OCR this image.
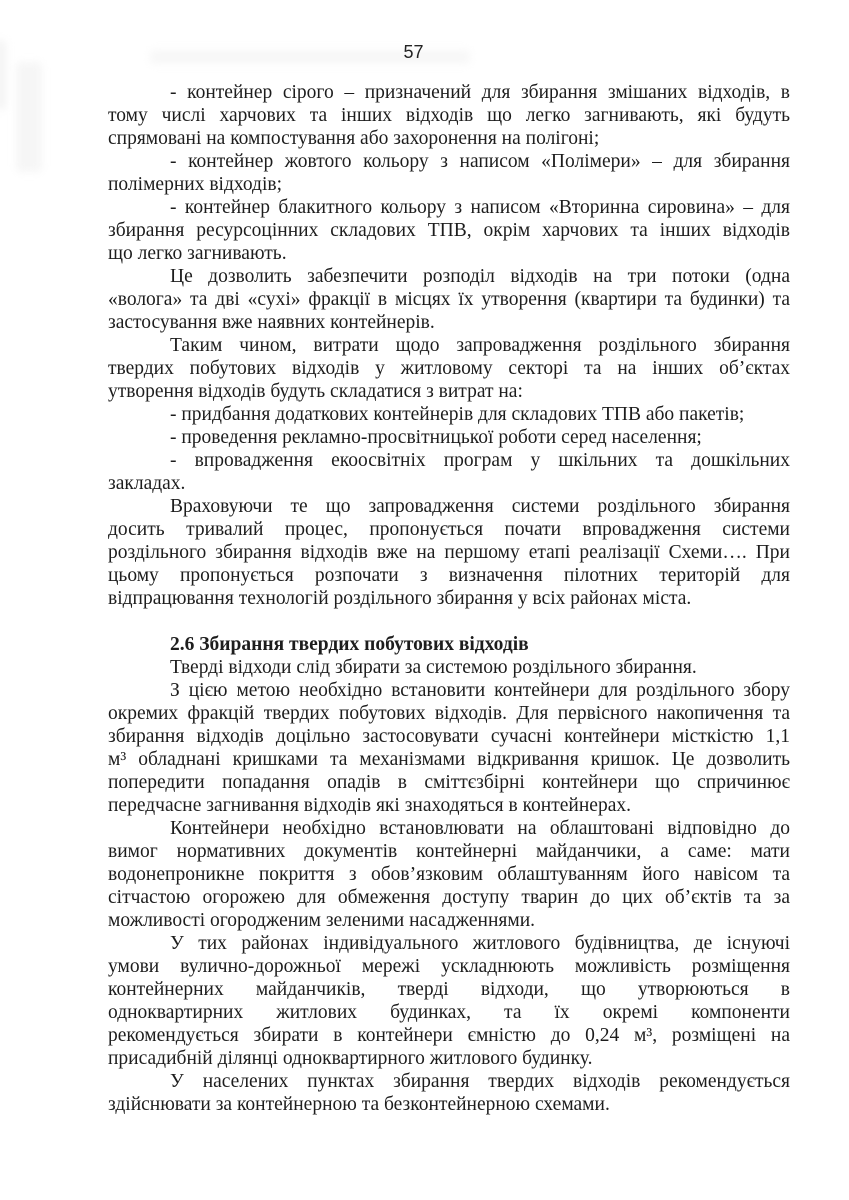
57
- контейнер сірого – призначений для збирання змішаних відходів, в
тому числі харчових та інших відходів що легко загнивають, які будуть
спрямовані на компостування або захоронення на полігоні;
- контейнер жовтого кольору з написом «Полімери» – для збирання
полімерних відходів;
- контейнер блакитного кольору з написом «Вторинна сировина» – для
збирання ресурсоцінних складових ТПВ, окрім харчових та інших відходів
що легко загнивають.
Це дозволить забезпечити розподіл відходів на три потоки (одна
«волога» та дві «сухі» фракції в місцях їх утворення (квартири та будинки) та
застосування вже наявних контейнерів.
Таким чином, витрати щодо запровадження роздільного збирання
твердих побутових відходів у житловому секторі та на інших об’єктах
утворення відходів будуть складатися з витрат на:
- придбання додаткових контейнерів для складових ТПВ або пакетів;
- проведення рекламно-просвітницької роботи серед населення;
- впровадження екоосвітніх програм у шкільних та дошкільних
закладах.
Враховуючи те що запровадження системи роздільного збирання
досить тривалий процес, пропонується почати впровадження системи
роздільного збирання відходів вже на першому етапі реалізації Схеми…. При
цьому пропонується розпочати з визначення пілотних територій для
відпрацювання технологій роздільного збирання у всіх районах міста.
2.6 Збирання твердих побутових відходів
Тверді відходи слід збирати за системою роздільного збирання.
З цією метою необхідно встановити контейнери для роздільного збору
окремих фракцій твердих побутових відходів. Для первісного накопичення та
збирання відходів доцільно застосовувати сучасні контейнери місткістю 1,1
м³ обладнані кришками та механізмами відкривання кришок. Це дозволить
попередити попадання опадів в сміттєзбірні контейнери що спричинює
передчасне загнивання відходів які знаходяться в контейнерах.
Контейнери необхідно встановлювати на облаштовані відповідно до
вимог нормативних документів контейнерні майданчики, а саме: мати
водонепроникне покриття з обов’язковим облаштуванням його навісом та
сітчастою огорожею для обмеження доступу тварин до цих об’єктів та за
можливості огородженим зеленими насадженнями.
У тих районах індивідуального житлового будівництва, де існуючі
умови вулично-дорожньої мережі ускладнюють можливість розміщення
контейнерних майданчиків, тверді відходи, що утворюються в
одноквартирних житлових будинках, та їх окремі компоненти
рекомендується збирати в контейнери ємністю до 0,24 м³, розміщені на
присадибній ділянці одноквартирного житлового будинку.
У населених пунктах збирання твердих відходів рекомендується
здійснювати за контейнерною та безконтейнерною схемами.
